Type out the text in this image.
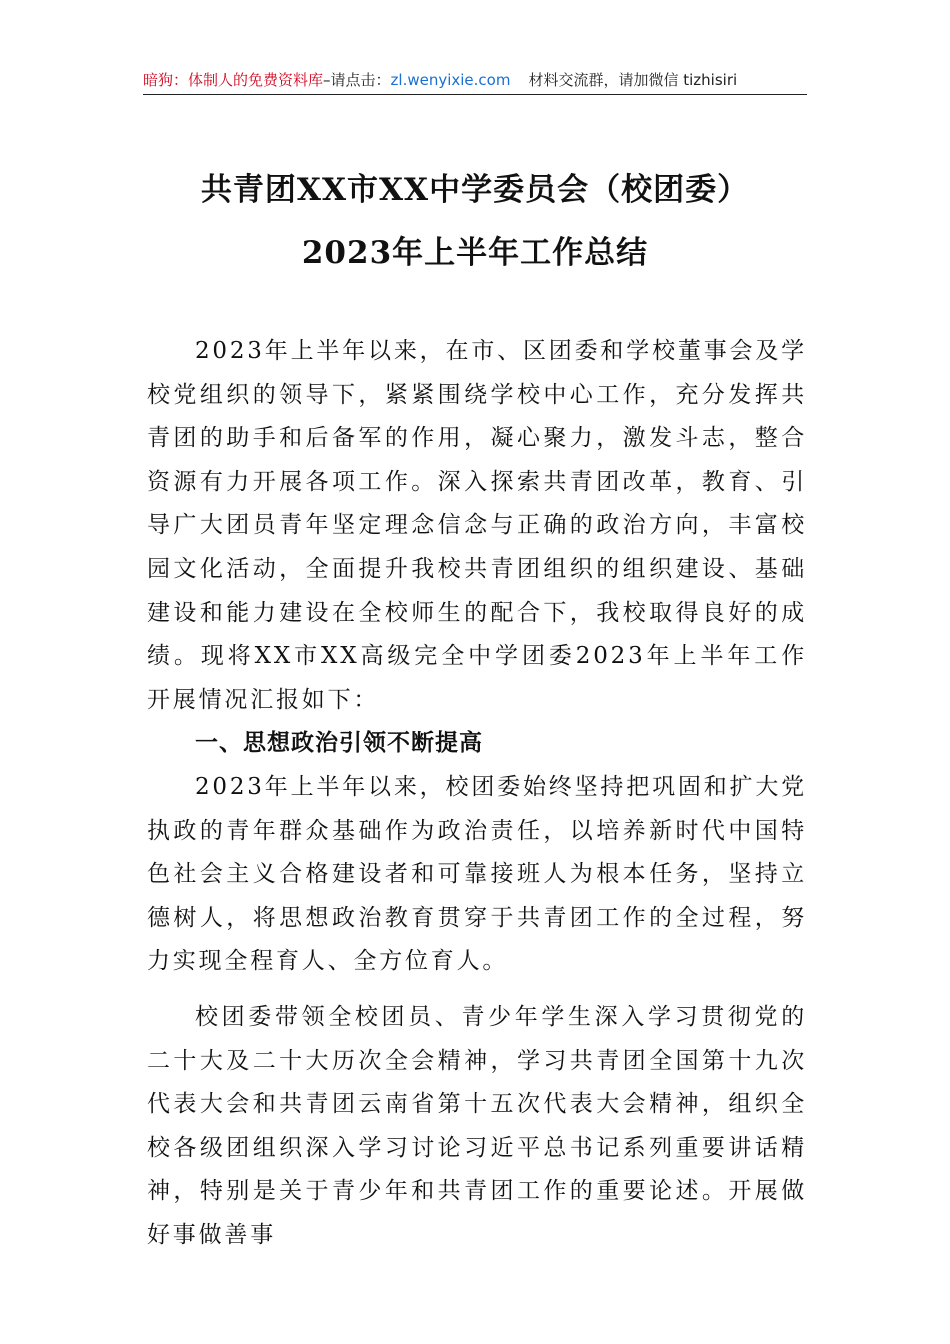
暗狗：体制人的免费资料库–请点击：zl.wenyixie.com 材料交流群，请加微信 tizhisiri
共青团XX市XX中学委员会（校团委）
2023年上半年工作总结

2023年上半年以来，在市、区团委和学校董事会及学校党组织的领导下，紧紧围绕学校中心工作，充分发挥共青团的助手和后备军的作用，凝心聚力，激发斗志，整合资源有力开展各项工作。深入探索共青团改革，教育、引导广大团员青年坚定理念信念与正确的政治方向，丰富校园文化活动，全面提升我校共青团组织的组织建设、基础建设和能力建设在全校师生的配合下，我校取得良好的成绩。现将XX市XX高级完全中学团委2023年上半年工作开展情况汇报如下：

一、思想政治引领不断提高

2023年上半年以来，校团委始终坚持把巩固和扩大党执政的青年群众基础作为政治责任，以培养新时代中国特色社会主义合格建设者和可靠接班人为根本任务，坚持立德树人，将思想政治教育贯穿于共青团工作的全过程，努力实现全程育人、全方位育人。

校团委带领全校团员、青少年学生深入学习贯彻党的二十大及二十大历次全会精神，学习共青团全国第十九次代表大会和共青团云南省第十五次代表大会精神，组织全校各级团组织深入学习讨论习近平总书记系列重要讲话精神，特别是关于青少年和共青团工作的重要论述。开展做好事做善事
